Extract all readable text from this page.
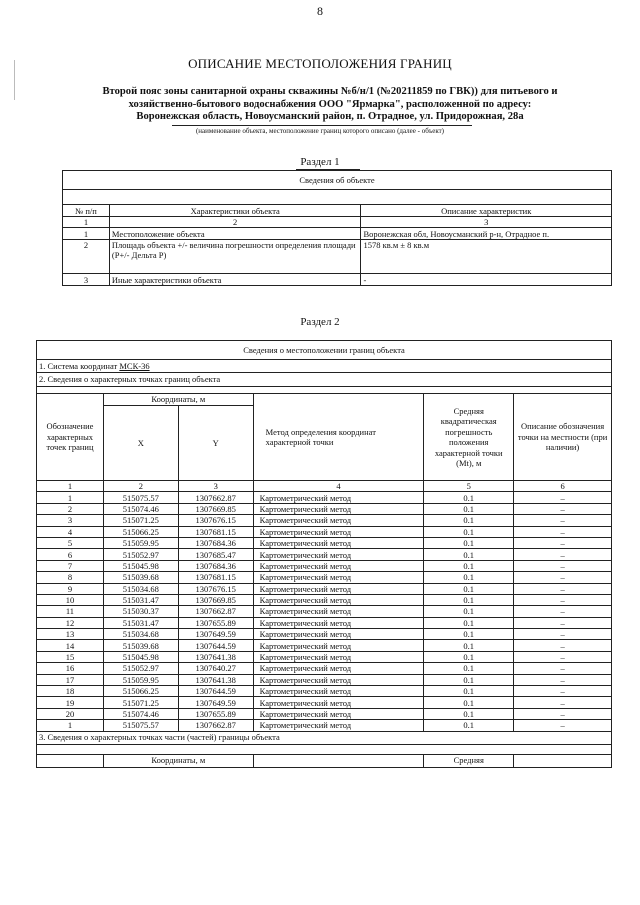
8
ОПИСАНИЕ МЕСТОПОЛОЖЕНИЯ ГРАНИЦ
Второй пояс зоны санитарной охраны скважины №б/н/1 (№20211859 по ГВК)) для питьевого и
хозяйственно-бытового водоснабжения ООО "Ярмарка", расположенной по адресу:
Воронежская область, Новоусманский район, п. Отрадное, ул. Придорожная, 28а
(наименование объекта, местоположение границ которого описано (далее - объект)
Раздел 1
Сведения об объекте		

№ п/п	Характеристики объекта	Описание характеристик
1	2	3
1	Местоположение объекта	Воронежская обл, Новоусманский р-н, Отрадное п.
2	Площадь объекта +/- величина погрешности определения площади (Р+/- Дельта Р)	1578 кв.м ± 8 кв.м
3	Иные характеристики объекта	-
Раздел 2
Сведения о местоположении границ объекта					
1. Система координат МСК-36					
2. Сведения о характерных точках границ объекта					

Обозначение характерных точек границ	Координаты, м		Метод определения координат характерной точки	Средняя квадратическая погрешность положения характерной точки (Mt), м	Описание обозначения точки на местности (при наличии)
	X	Y			
1	2	3	4	5	6
1	515075.57	1307662.87	Картометрический метод	0.1	–
2	515074.46	1307669.85	Картометрический метод	0.1	–
3	515071.25	1307676.15	Картометрический метод	0.1	–
4	515066.25	1307681.15	Картометрический метод	0.1	–
5	515059.95	1307684.36	Картометрический метод	0.1	–
6	515052.97	1307685.47	Картометрический метод	0.1	–
7	515045.98	1307684.36	Картометрический метод	0.1	–
8	515039.68	1307681.15	Картометрический метод	0.1	–
9	515034.68	1307676.15	Картометрический метод	0.1	–
10	515031.47	1307669.85	Картометрический метод	0.1	–
11	515030.37	1307662.87	Картометрический метод	0.1	–
12	515031.47	1307655.89	Картометрический метод	0.1	–
13	515034.68	1307649.59	Картометрический метод	0.1	–
14	515039.68	1307644.59	Картометрический метод	0.1	–
15	515045.98	1307641.38	Картометрический метод	0.1	–
16	515052.97	1307640.27	Картометрический метод	0.1	–
17	515059.95	1307641.38	Картометрический метод	0.1	–
18	515066.25	1307644.59	Картометрический метод	0.1	–
19	515071.25	1307649.59	Картометрический метод	0.1	–
20	515074.46	1307655.89	Картометрический метод	0.1	–
1	515075.57	1307662.87	Картометрический метод	0.1	–
3. Сведения о характерных точках части (частей) границы объекта					

	Координаты, м			Средняя	
